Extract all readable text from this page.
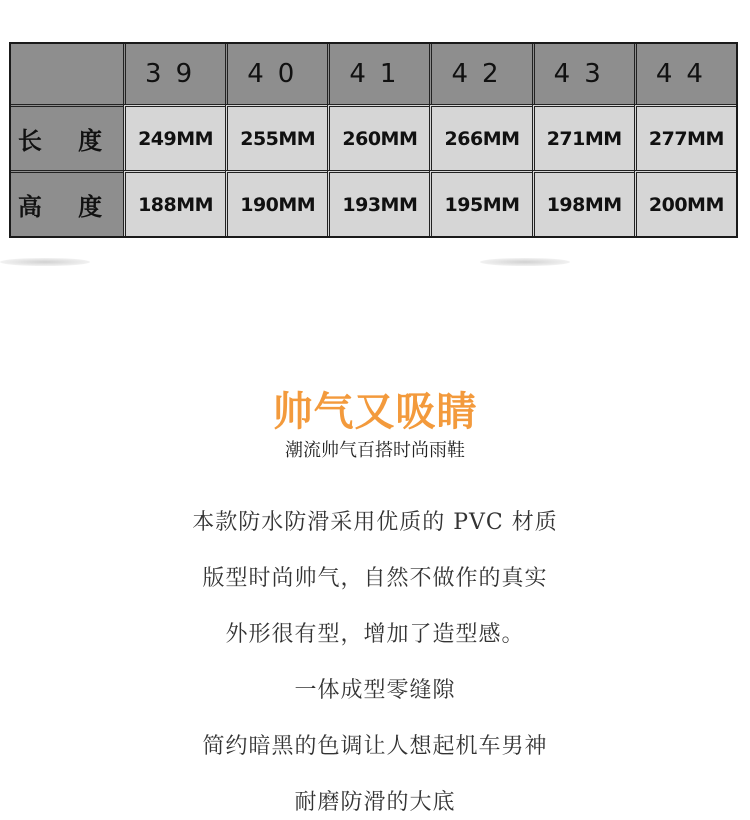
	39	40	41	42	43	44
长 度	249MM	255MM	260MM	266MM	271MM	277MM
高 度	188MM	190MM	193MM	195MM	198MM	200MM
帅气又吸睛
潮流帅气百搭时尚雨鞋
本款防水防滑采用优质的 PVC 材质
版型时尚帅气，自然不做作的真实
外形很有型，增加了造型感。
一体成型零缝隙
简约暗黑的色调让人想起机车男神
耐磨防滑的大底
